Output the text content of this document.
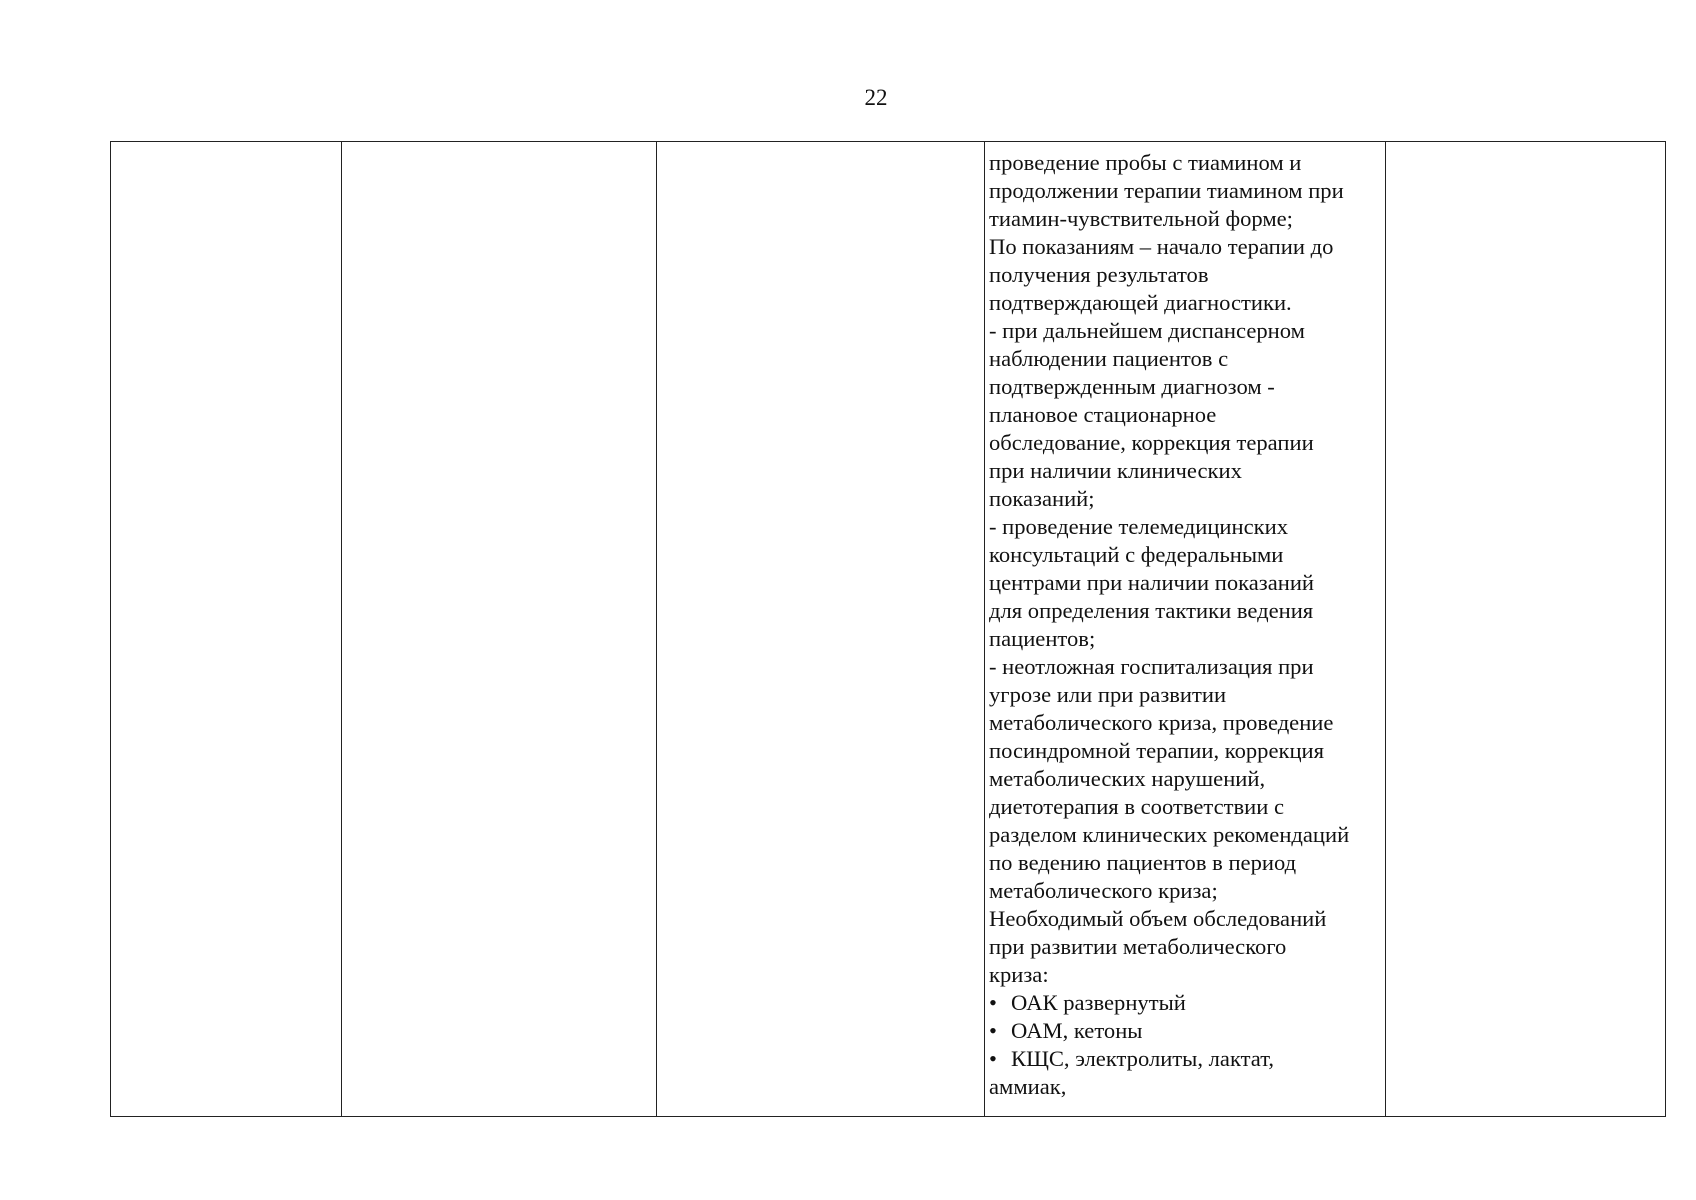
22
проведение пробы с тиамином и
продолжении терапии тиамином при
тиамин-чувствительной форме;
По показаниям – начало терапии до
получения результатов
подтверждающей диагностики.
- при дальнейшем диспансерном
наблюдении пациентов с
подтвержденным диагнозом -
плановое стационарное
обследование, коррекция терапии
при наличии клинических
показаний;
- проведение телемедицинских
консультаций с федеральными
центрами при наличии показаний
для определения тактики ведения
пациентов;
- неотложная госпитализация при
угрозе или при развитии
метаболического криза, проведение
посиндромной терапии, коррекция
метаболических нарушений,
диетотерапия в соответствии с
разделом клинических рекомендаций
по ведению пациентов в период
метаболического криза;
Необходимый объем обследований
при развитии метаболического
криза:
• ОАК развернутый
• ОАМ, кетоны
• КЩС, электролиты, лактат,
аммиак,
